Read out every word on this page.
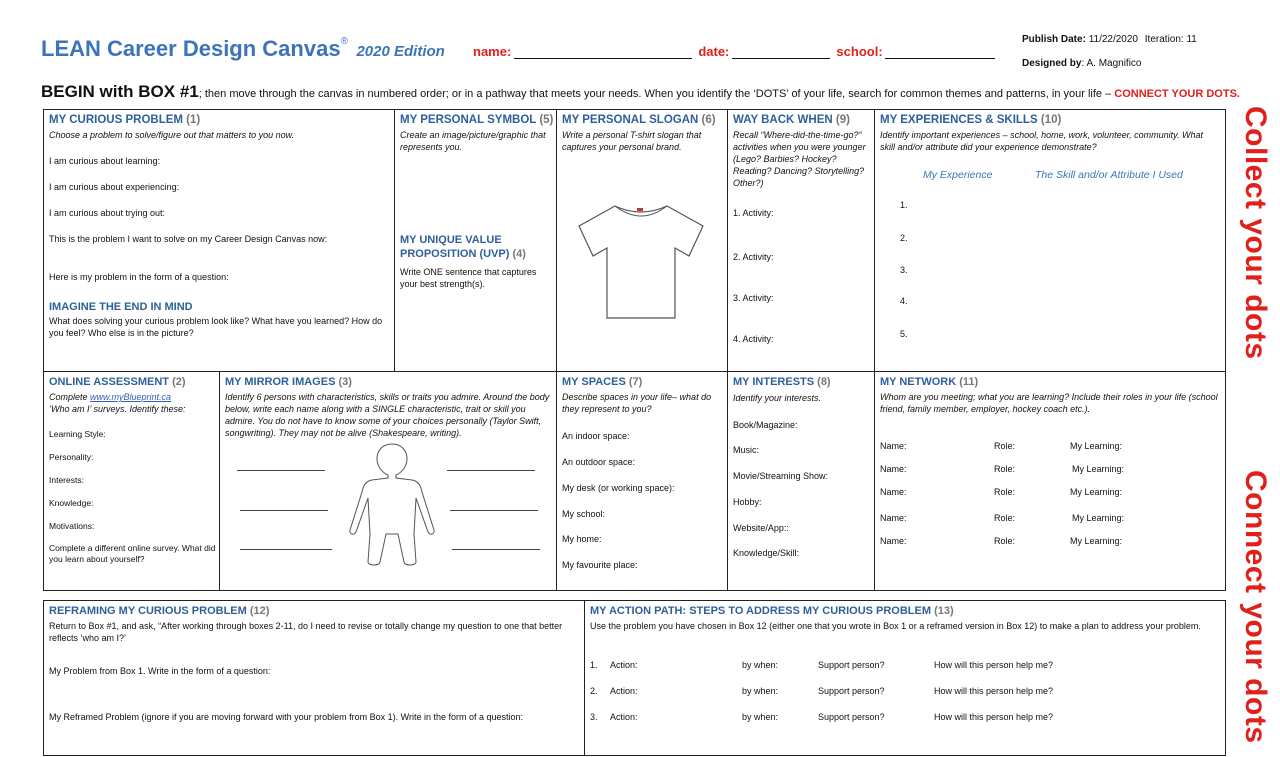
LEAN Career Design Canvas® 2020 Edition name:	date:	school:
Publish Date: 11/22/2020 Iteration: 11
Designed by: A. Magnifico
BEGIN with BOX #1; then move through the canvas in numbered order; or in a pathway that meets your needs. When you identify the ‘DOTS’ of your life, search for common themes and patterns, in your life – CONNECT YOUR DOTS.
Collect your dots
Connect your dots
MY CURIOUS PROBLEM (1)
Choose a problem to solve/figure out that matters to you now.
I am curious about learning:
I am curious about experiencing:
I am curious about trying out:
This is the problem I want to solve on my Career Design Canvas now:
Here is my problem in the form of a question:
IMAGINE THE END IN MIND
What does solving your curious problem look like? What have you learned? How do you feel? Who else is in the picture?
MY PERSONAL SYMBOL (5)
Create an image/picture/graphic that represents you.
MY UNIQUE VALUE PROPOSITION (UVP) (4)
Write ONE sentence that captures your best strength(s).
MY PERSONAL SLOGAN (6)
Write a personal T-shirt slogan that captures your personal brand.
WAY BACK WHEN (9)
Recall “Where-did-the-time-go?” activities when you were younger (Lego? Barbies? Hockey? Reading? Dancing? Storytelling? Other?)
1. Activity:
2. Activity:
3. Activity:
4. Activity:
MY EXPERIENCES & SKILLS (10)
Identify important experiences – school, home, work, volunteer, community. What skill and/or attribute did your experience demonstrate?
My Experience	The Skill and/or Attribute I Used
1.
2.
3.
4.
5.
ONLINE ASSESSMENT (2)
Complete www.myBlueprint.ca
‘Who am I’ surveys. Identify these:
Learning Style:
Personality:
Interests:
Knowledge:
Motivations:
Complete a different online survey. What did you learn about yourself?
MY MIRROR IMAGES (3)
Identify 6 persons with characteristics, skills or traits you admire. Around the body below, write each name along with a SINGLE characteristic, trait or skill you admire. You do not have to know some of your choices personally (Taylor Swift, songwriting). They may not be alive (Shakespeare, writing).
MY SPACES (7)
Describe spaces in your life– what do they represent to you?
An indoor space:
An outdoor space:
My desk (or working space):
My school:
My home:
My favourite place:
MY INTERESTS (8)
Identify your interests.
Book/Magazine:
Music:
Movie/Streaming Show:
Hobby:
Website/App::
Knowledge/Skill:
MY NETWORK (11)
Whom are you meeting; what you are learning? Include their roles in your life (school friend, family member, employer, hockey coach etc.).
Name:	Role:	My Learning:
Name:	Role:	My Learning:
Name:	Role:	My Learning:
Name:	Role:	My Learning:
Name:	Role:	My Learning:
REFRAMING MY CURIOUS PROBLEM (12)
Return to Box #1, and ask, “After working through boxes 2-11, do I need to revise or totally change my question to one that better reflects ‘who am I?’
My Problem from Box 1. Write in the form of a question:
My Reframed Problem (ignore if you are moving forward with your problem from Box 1). Write in the form of a question:
MY ACTION PATH: STEPS TO ADDRESS MY CURIOUS PROBLEM (13)
Use the problem you have chosen in Box 12 (either one that you wrote in Box 1 or a reframed version in Box 12) to make a plan to address your problem.
1. Action:	by when:	Support person?	How will this person help me?
2. Action:	by when:	Support person?	How will this person help me?
3. Action:	by when:	Support person?	How will this person help me?
